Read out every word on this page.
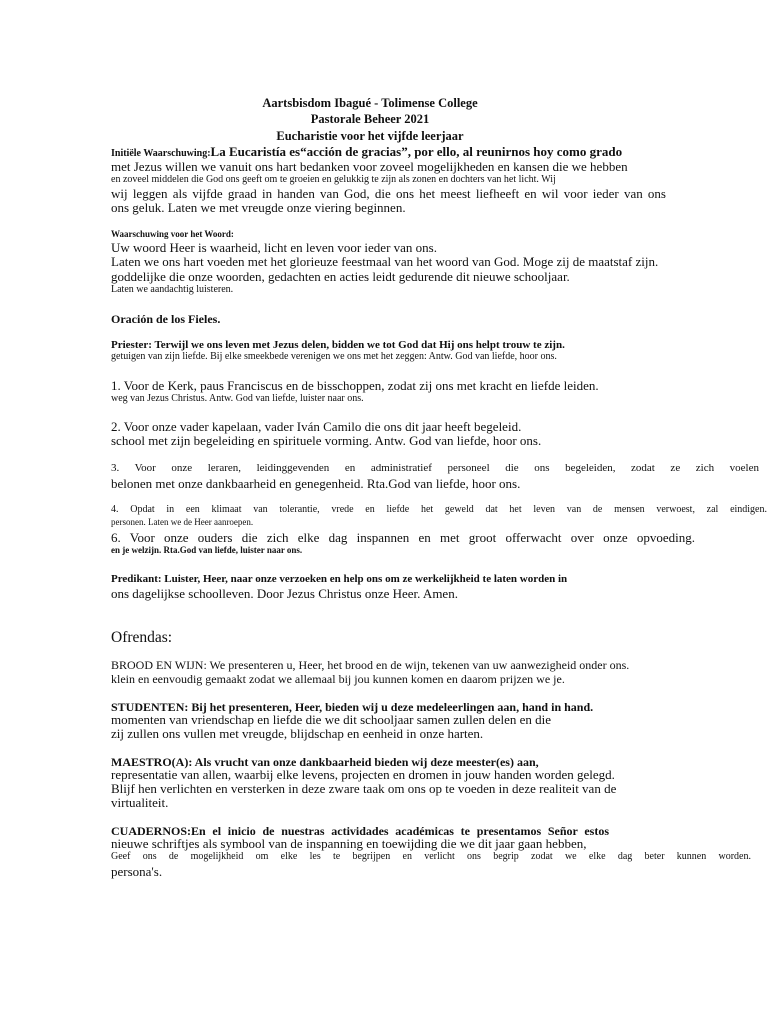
Aartsbisdom Ibagué - Tolimense College
Pastorale Beheer 2021
Eucharistie voor het vijfde leerjaar
Initiële Waarschuwing:La Eucaristía es“acción de gracias”, por ello, al reunirnos hoy como grado
met Jezus willen we vanuit ons hart bedanken voor zoveel mogelijkheden en kansen die we hebben
en zoveel middelen die God ons geeft om te groeien en gelukkig te zijn als zonen en dochters van het licht. Wij
wij leggen als vijfde graad in handen van God, die ons het meest liefheeft en wil voor ieder van ons
ons geluk. Laten we met vreugde onze viering beginnen.
Waarschuwing voor het Woord:
Uw woord Heer is waarheid, licht en leven voor ieder van ons.
Laten we ons hart voeden met het glorieuze feestmaal van het woord van God. Moge zij de maatstaf zijn.
goddelijke die onze woorden, gedachten en acties leidt gedurende dit nieuwe schooljaar.
Laten we aandachtig luisteren.
Oración de los Fieles.
Priester: Terwijl we ons leven met Jezus delen, bidden we tot God dat Hij ons helpt trouw te zijn.
getuigen van zijn liefde. Bij elke smeekbede verenigen we ons met het zeggen: Antw. God van liefde, hoor ons.
1. Voor de Kerk, paus Franciscus en de bisschoppen, zodat zij ons met kracht en liefde leiden.
weg van Jezus Christus. Antw. God van liefde, luister naar ons.
2. Voor onze vader kapelaan, vader Iván Camilo die ons dit jaar heeft begeleid.
school met zijn begeleiding en spirituele vorming. Antw. God van liefde, hoor ons.
3. Voor onze leraren, leidinggevenden en administratief personeel die ons begeleiden, zodat ze zich voelen
belonen met onze dankbaarheid en genegenheid. Rta.God van liefde, hoor ons.
4. Opdat in een klimaat van tolerantie, vrede en liefde het geweld dat het leven van de mensen verwoest, zal eindigen.
personen. Laten we de Heer aanroepen.
6. Voor onze ouders die zich elke dag inspannen en met groot offerwacht over onze opvoeding.
en je welzijn. Rta.God van liefde, luister naar ons.
Predikant: Luister, Heer, naar onze verzoeken en help ons om ze werkelijkheid te laten worden in
ons dagelijkse schoolleven. Door Jezus Christus onze Heer. Amen.
Ofrendas:
BROOD EN WIJN: We presenteren u, Heer, het brood en de wijn, tekenen van uw aanwezigheid onder ons.
klein en eenvoudig gemaakt zodat we allemaal bij jou kunnen komen en daarom prijzen we je.
STUDENTEN: Bij het presenteren, Heer, bieden wij u deze medeleerlingen aan, hand in hand.
momenten van vriendschap en liefde die we dit schooljaar samen zullen delen en die
zij zullen ons vullen met vreugde, blijdschap en eenheid in onze harten.
MAESTRO(A): Als vrucht van onze dankbaarheid bieden wij deze meester(es) aan,
representatie van allen, waarbij elke levens, projecten en dromen in jouw handen worden gelegd.
Blijf hen verlichten en versterken in deze zware taak om ons op te voeden in deze realiteit van de
virtualiteit.
CUADERNOS:En el inicio de nuestras actividades académicas te presentamos Señor estos
nieuwe schriftjes als symbool van de inspanning en toewijding die we dit jaar gaan hebben,
Geef ons de mogelijkheid om elke les te begrijpen en verlicht ons begrip zodat we elke dag beter kunnen worden.
persona's.
